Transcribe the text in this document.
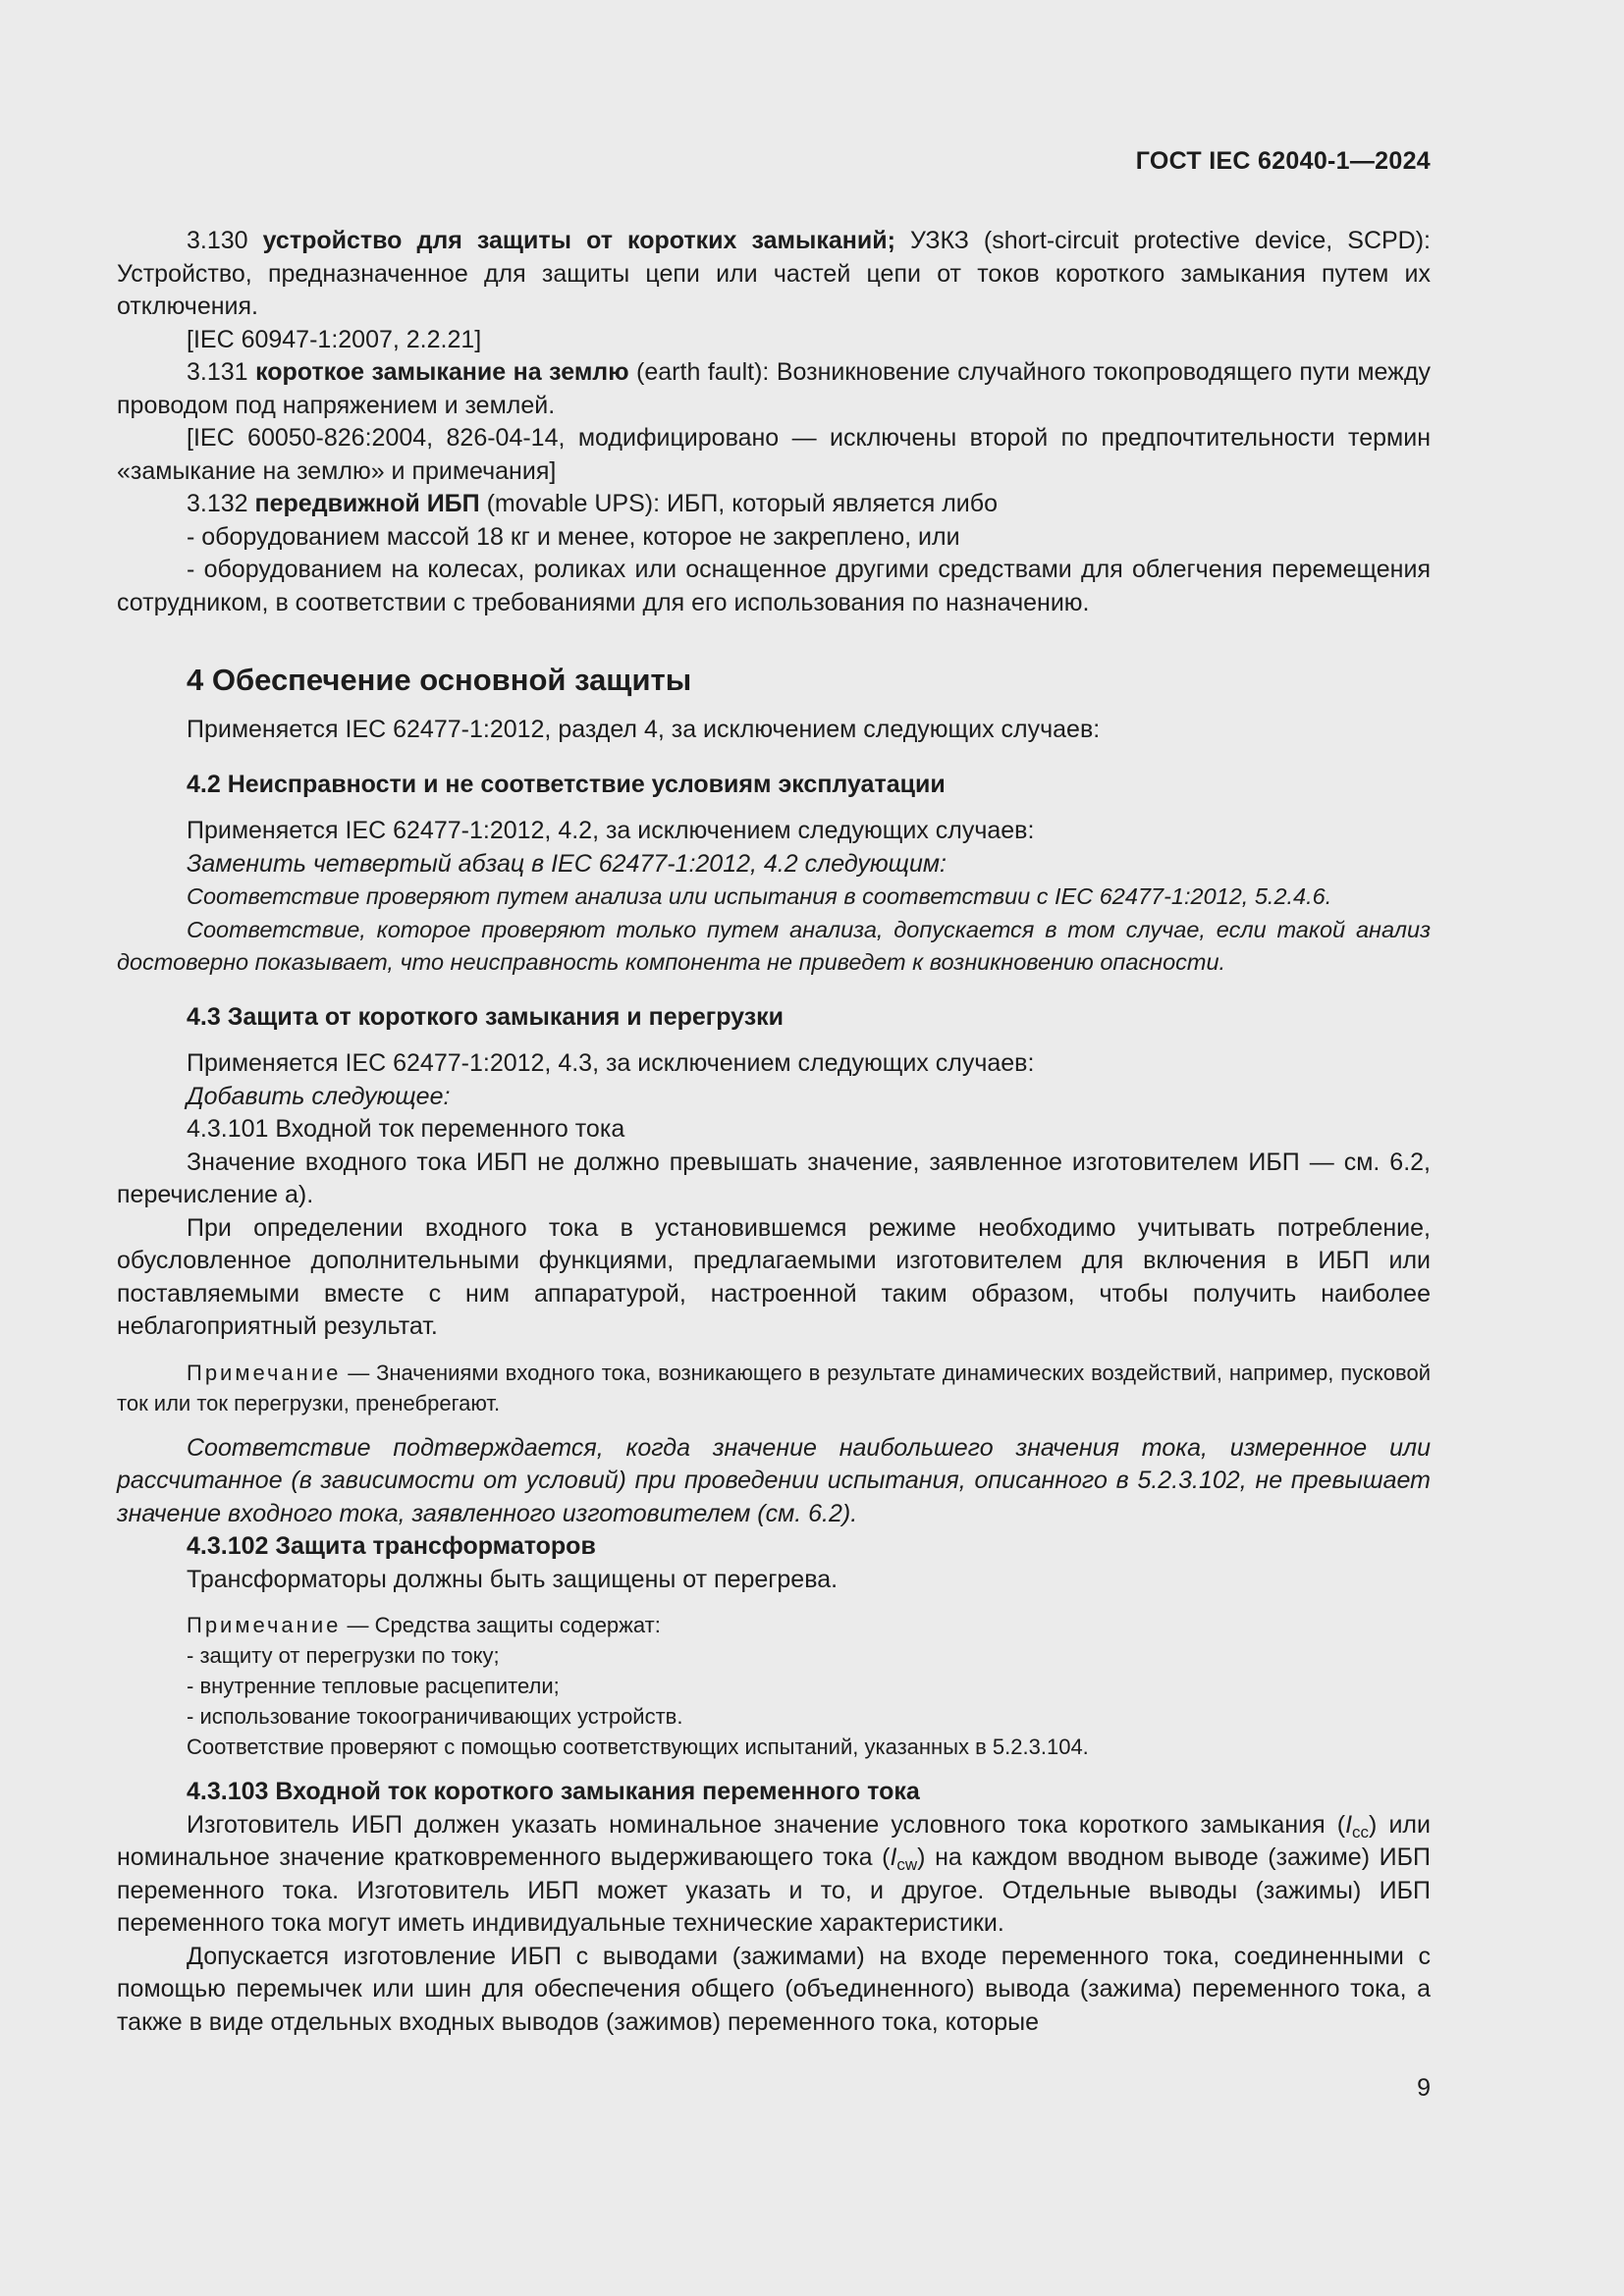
ГОСТ IEC 62040-1—2024
3.130 устройство для защиты от коротких замыканий; УЗКЗ (short-circuit protective device, SCPD): Устройство, предназначенное для защиты цепи или частей цепи от токов короткого замыкания путем их отключения.
[IEC 60947-1:2007, 2.2.21]
3.131 короткое замыкание на землю (earth fault): Возникновение случайного токопроводящего пути между проводом под напряжением и землей.
[IEC 60050-826:2004, 826-04-14, модифицировано — исключены второй по предпочтительности термин «замыкание на землю» и примечания]
3.132 передвижной ИБП (movable UPS): ИБП, который является либо
- оборудованием массой 18 кг и менее, которое не закреплено, или
- оборудованием на колесах, роликах или оснащенное другими средствами для облегчения перемещения сотрудником, в соответствии с требованиями для его использования по назначению.
4 Обеспечение основной защиты
Применяется IEC 62477-1:2012, раздел 4, за исключением следующих случаев:
4.2 Неисправности и не соответствие условиям эксплуатации
Применяется IEC 62477-1:2012, 4.2, за исключением следующих случаев:
Заменить четвертый абзац в IEC 62477-1:2012, 4.2 следующим:
Соответствие проверяют путем анализа или испытания в соответствии с IEC 62477-1:2012, 5.2.4.6.
Соответствие, которое проверяют только путем анализа, допускается в том случае, если такой анализ достоверно показывает, что неисправность компонента не приведет к возникновению опасности.
4.3 Защита от короткого замыкания и перегрузки
Применяется IEC 62477-1:2012, 4.3, за исключением следующих случаев:
Добавить следующее:
4.3.101 Входной ток переменного тока
Значение входного тока ИБП не должно превышать значение, заявленное изготовителем ИБП — см. 6.2, перечисление а).
При определении входного тока в установившемся режиме необходимо учитывать потребление, обусловленное дополнительными функциями, предлагаемыми изготовителем для включения в ИБП или поставляемыми вместе с ним аппаратурой, настроенной таким образом, чтобы получить наиболее неблагоприятный результат.
Примечание — Значениями входного тока, возникающего в результате динамических воздействий, например, пусковой ток или ток перегрузки, пренебрегают.
Соответствие подтверждается, когда значение наибольшего значения тока, измеренное или рассчитанное (в зависимости от условий) при проведении испытания, описанного в 5.2.3.102, не превышает значение входного тока, заявленного изготовителем (см. 6.2).
4.3.102 Защита трансформаторов
Трансформаторы должны быть защищены от перегрева.
Примечание — Средства защиты содержат:
- защиту от перегрузки по току;
- внутренние тепловые расцепители;
- использование токоограничивающих устройств.
Соответствие проверяют с помощью соответствующих испытаний, указанных в 5.2.3.104.
4.3.103 Входной ток короткого замыкания переменного тока
Изготовитель ИБП должен указать номинальное значение условного тока короткого замыкания $(I_{cc})$ или номинальное значение кратковременного выдерживающего тока $(I_{cw})$ на каждом вводном выводе (зажиме) ИБП переменного тока. Изготовитель ИБП может указать и то, и другое. Отдельные выводы (зажимы) ИБП переменного тока могут иметь индивидуальные технические характеристики.
Допускается изготовление ИБП с выводами (зажимами) на входе переменного тока, соединенными с помощью перемычек или шин для обеспечения общего (объединенного) вывода (зажима) переменного тока, а также в виде отдельных входных выводов (зажимов) переменного тока, которые
9
